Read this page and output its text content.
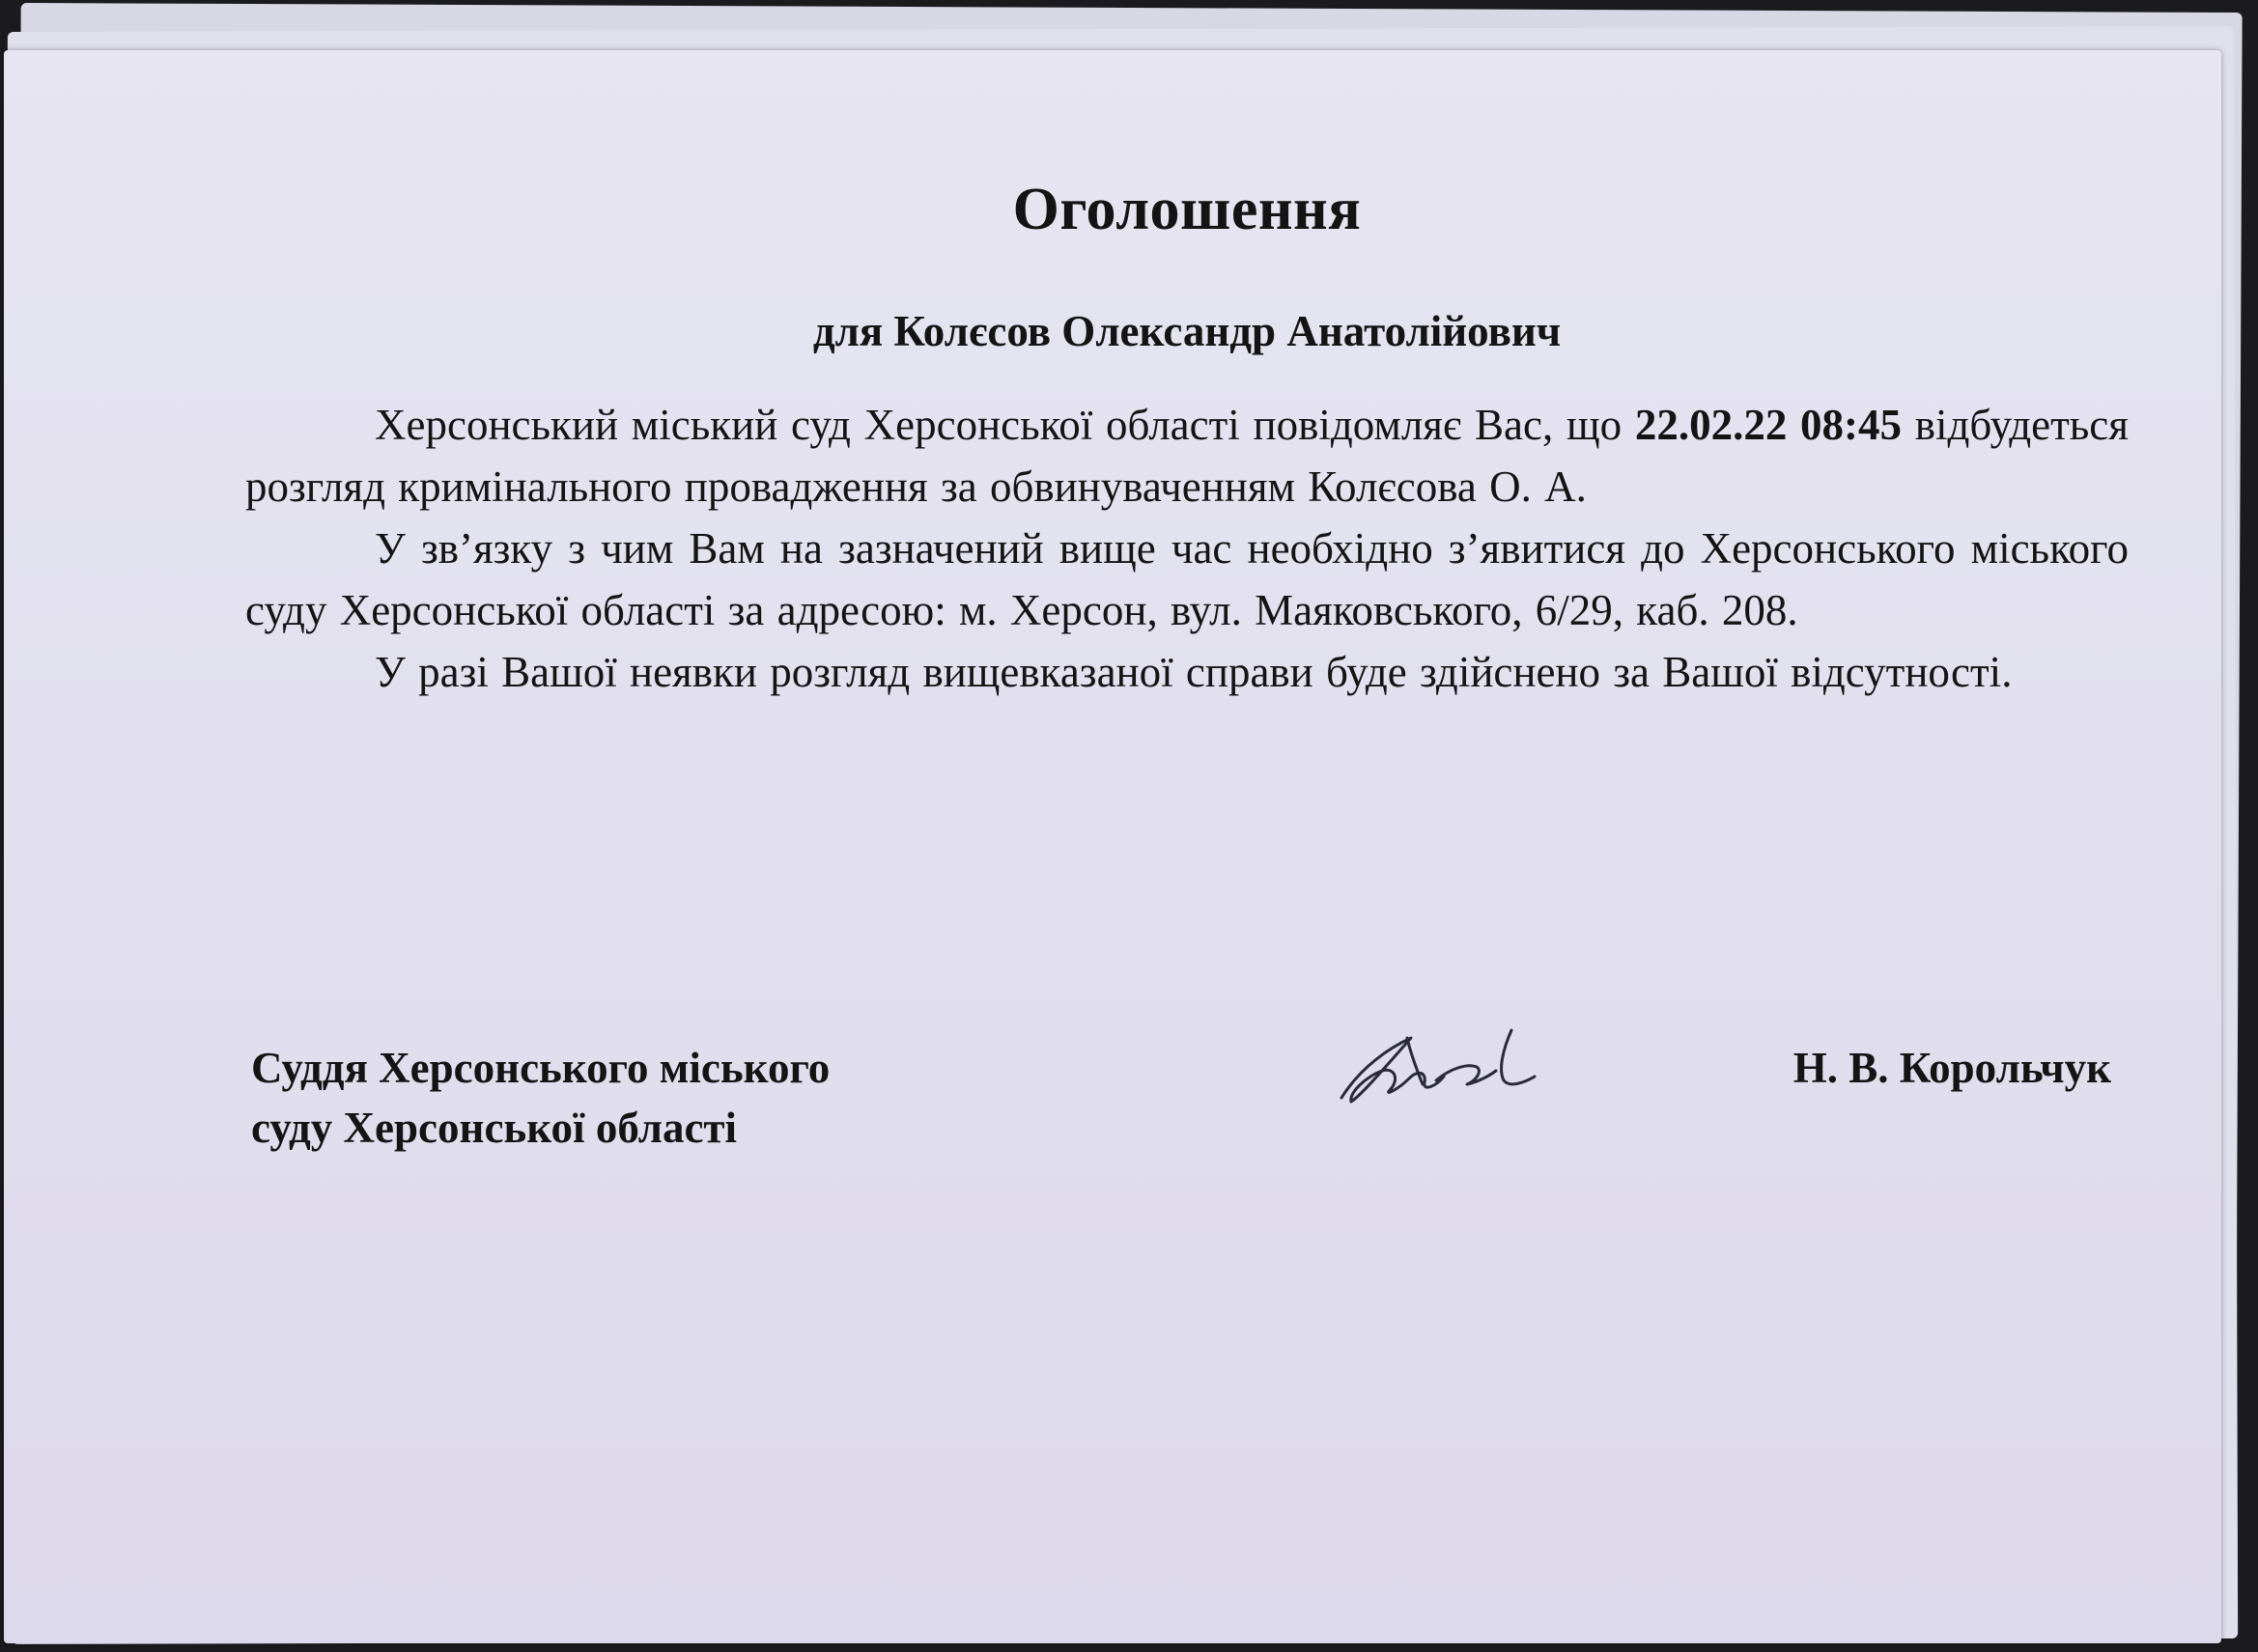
Оголошення

для Колєсов Олександр Анатолійович

Херсонський міський суд Херсонської області повідомляє Вас, що 22.02.22 08:45 відбудеться розгляд кримінального провадження за обвинуваченням Колєсова О. А.

У зв’язку з чим Вам на зазначений вище час необхідно з’явитися до Херсонського міського суду Херсонської області за адресою: м. Херсон, вул. Маяковського, 6/29, каб. 208.

У разі Вашої неявки розгляд вищевказаної справи буде здійснено за Вашої відсутності.

Суддя Херсонського міського
суду Херсонської області
Н. В. Корольчук
